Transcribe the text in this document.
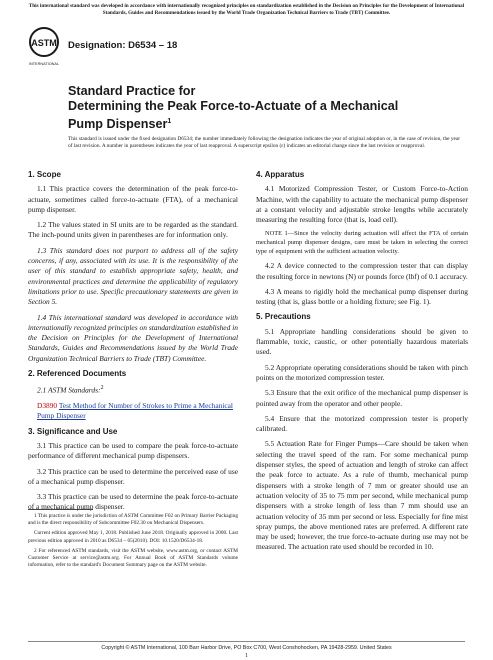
This international standard was developed in accordance with internationally recognized principles on standardization established in the Decision on Principles for the Development of International Standards, Guides and Recommendations issued by the World Trade Organization Technical Barriers to Trade (TBT) Committee.
ASTM
INTERNATIONAL
Designation: D6534 – 18
Standard Practice for
Determining the Peak Force-to-Actuate of a Mechanical
Pump Dispenser$^1$
This standard is issued under the fixed designation D6534; the number immediately following the designation indicates the year of original adoption or, in the case of revision, the year of last revision. A number in parentheses indicates the year of last reapproval. A superscript epsilon (ε) indicates an editorial change since the last revision or reapproval.
1. Scope

1.1 This practice covers the determination of the peak force-to-actuate, sometimes called force-to-actuate (FTA), of a mechanical pump dispenser.

1.2 The values stated in SI units are to be regarded as the standard. The inch-pound units given in parentheses are for information only.

1.3 This standard does not purport to address all of the safety concerns, if any, associated with its use. It is the responsibility of the user of this standard to establish appropriate safety, health, and environmental practices and determine the applicability of regulatory limitations prior to use. Specific precautionary statements are given in Section 5.

1.4 This international standard was developed in accordance with internationally recognized principles on standardization established in the Decision on Principles for the Development of International Standards, Guides and Recommendations issued by the World Trade Organization Technical Barriers to Trade (TBT) Committee.

2. Referenced Documents

2.1 ASTM Standards:$^2$

D3890 Test Method for Number of Strokes to Prime a Mechanical Pump Dispenser
3. Significance and Use

3.1 This practice can be used to compare the peak force-to-actuate performance of different mechanical pump dispensers.

3.2 This practice can be used to determine the perceived ease of use of a mechanical pump dispenser.

3.3 This practice can be used to determine the peak force-to-actuate of a mechanical pump dispenser.

1 This practice is under the jurisdiction of ASTM Committee F02 on Primary Barrier Packaging and is the direct responsibility of Subcommittee F02.30 on Mechanical Dispensers.
Current edition approved May 1, 2018. Published June 2018. Originally approved in 2000. Last previous edition approved in 2010 as D6534 – 05(2010). DOI: 10.1520/D6534-18.
2 For referenced ASTM standards, visit the ASTM website, www.astm.org, or contact ASTM Customer Service at service@astm.org. For Annual Book of ASTM Standards volume information, refer to the standard's Document Summary page on the ASTM website.
4. Apparatus

4.1 Motorized Compression Tester, or Custom Force-to-Action Machine, with the capability to actuate the mechanical pump dispenser at a constant velocity and adjustable stroke lengths while accurately measuring the resulting force (that is, load cell).

NOTE 1—Since the velocity during actuation will affect the FTA of certain mechanical pump dispenser designs, care must be taken in selecting the correct type of equipment with the sufficient actuation velocity.

4.2 A device connected to the compression tester that can display the resulting force in newtons (N) or pounds force (lbf) of 0.1 accuracy.

4.3 A means to rigidly hold the mechanical pump dispenser during testing (that is, glass bottle or a holding fixture; see Fig. 1).

5. Precautions

5.1 Appropriate handling considerations should be given to flammable, toxic, caustic, or other potentially hazardous materials used.

5.2 Appropriate operating considerations should be taken with pinch points on the motorized compression tester.

5.3 Ensure that the exit orifice of the mechanical pump dispenser is pointed away from the operator and other people.

5.4 Ensure that the motorized compression tester is properly calibrated.

5.5 Actuation Rate for Finger Pumps—Care should be taken when selecting the travel speed of the ram. For some mechanical pump dispenser styles, the speed of actuation and length of stroke can affect the peak force to actuate. As a rule of thumb, mechanical pump dispensers with a stroke length of 7 mm or greater should use an actuation velocity of 35 to 75 mm per second, while mechanical pump dispensers with a stroke length of less than 7 mm should use an actuation velocity of 35 mm per second or less. Especially for fine mist spray pumps, the above mentioned rates are preferred. A different rate may be used; however, the true force-to-actuate during use may not be measured. The actuation rate used should be recorded in 10.

Copyright © ASTM International, 100 Barr Harbor Drive, PO Box C700, West Conshohocken, PA 19428-2959. United States
1
